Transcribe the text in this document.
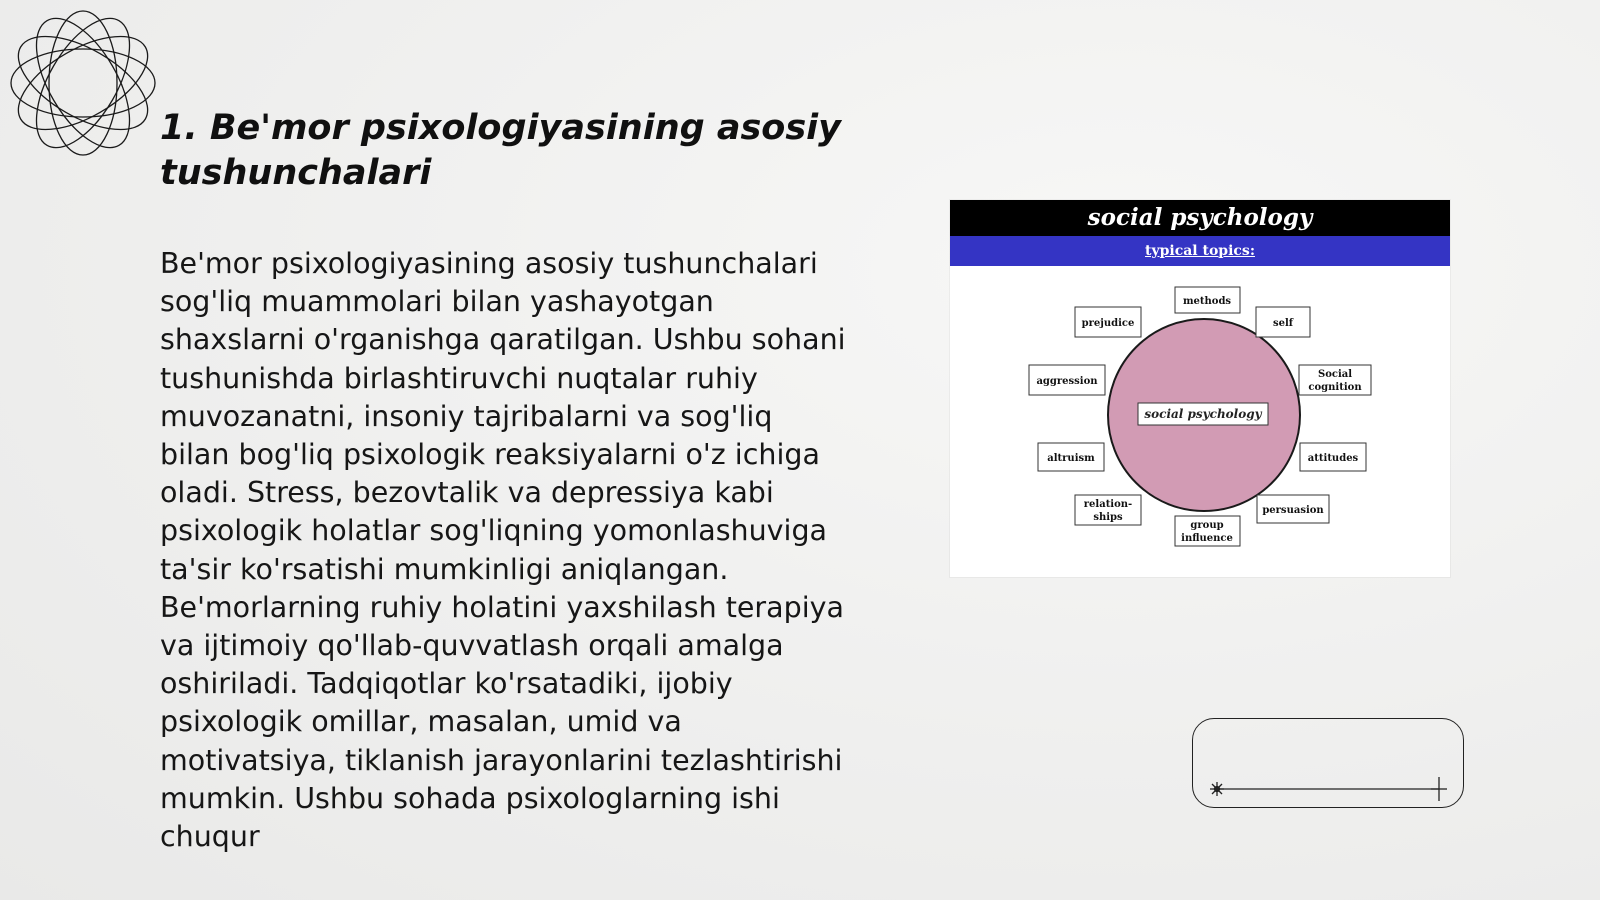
1. Be'mor psixologiyasining asosiy tushunchalari

Be'mor psixologiyasining asosiy tushunchalari sog'liq muammolari bilan yashayotgan shaxslarni o'rganishga qaratilgan. Ushbu sohani tushunishda birlashtiruvchi nuqtalar ruhiy muvozanatni, insoniy tajribalarni va sog'liq bilan bog'liq psixologik reaksiyalarni o'z ichiga oladi. Stress, bezovtalik va depressiya kabi psixologik holatlar sog'liqning yomonlashuviga ta'sir ko'rsatishi mumkinligi aniqlangan. Be'morlarning ruhiy holatini yaxshilash terapiya va ijtimoiy qo'llab-quvvatlash orqali amalga oshiriladi. Tadqiqotlar ko'rsatadiki, ijobiy psixologik omillar, masalan, umid va motivatsiya, tiklanish jarayonlarini tezlashtirishi mumkin. Ushbu sohada psixologlarning ishi chuqur

social psychology
typical topics:
social psychology
methods
prejudice	self
aggression
Social
cognition
altruism	attitudes
relation-
ships
persuasion
group
influence
